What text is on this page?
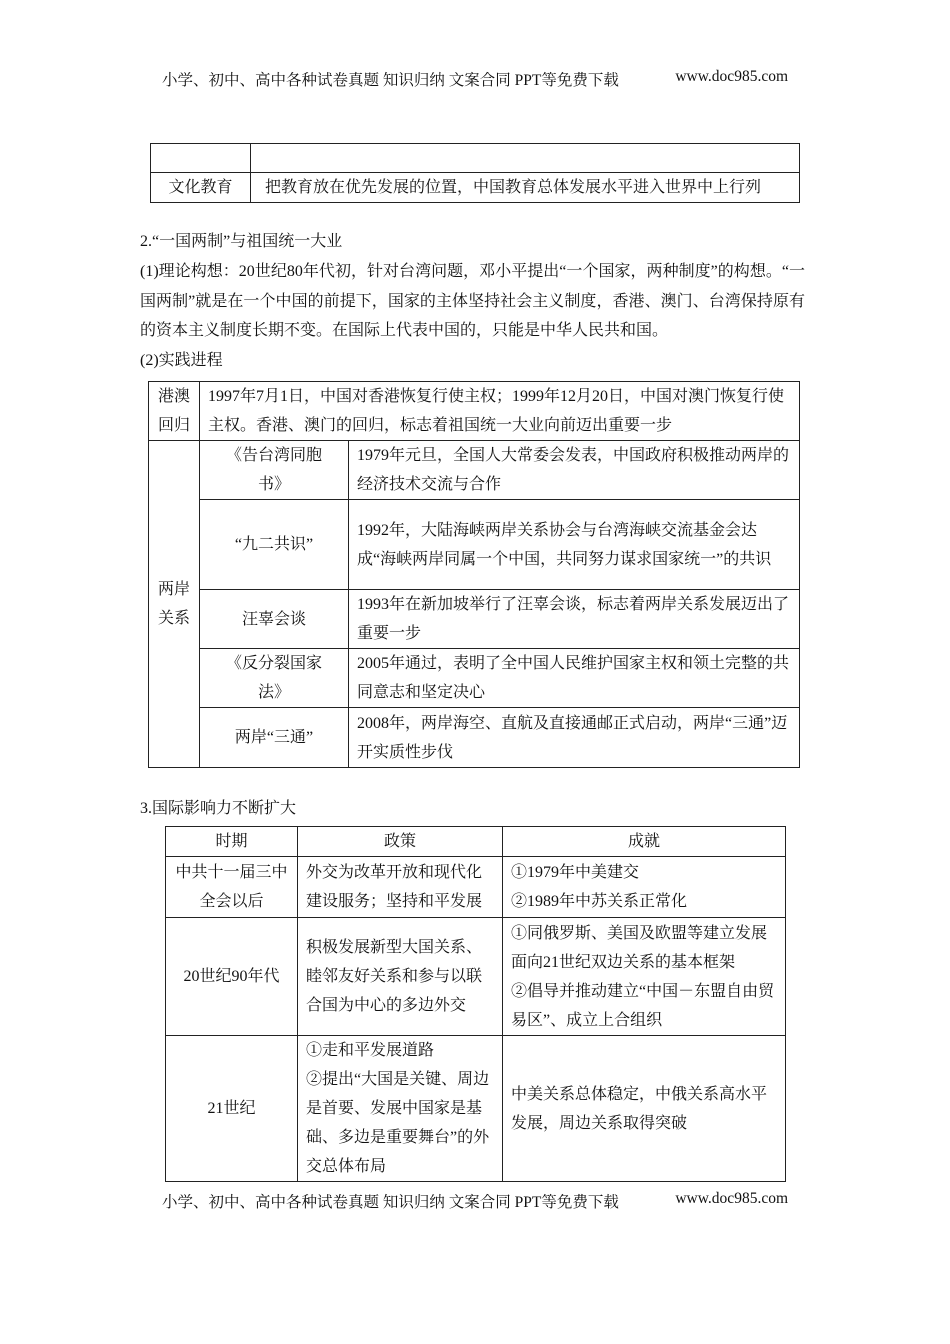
小学、初中、高中各种试卷真题 知识归纳 文案合同 PPT等免费下载	www.doc985.com

文化教育	把教育放在优先发展的位置，中国教育总体发展水平进入世界中上行列
2.“一国两制”与祖国统一大业
(1)理论构想：20世纪80年代初，针对台湾问题，邓小平提出“一个国家，两种制度”的构想。“一国两制”就是在一个中国的前提下，国家的主体坚持社会主义制度，香港、澳门、台湾保持原有的资本主义制度长期不变。在国际上代表中国的，只能是中华人民共和国。
(2)实践进程
港澳回归	1997年7月1日，中国对香港恢复行使主权；1999年12月20日，中国对澳门恢复行使主权。香港、澳门的回归，标志着祖国统一大业向前迈出重要一步	
两岸关系	《告台湾同胞书》	1979年元旦，全国人大常委会发表，中国政府积极推动两岸的经济技术交流与合作
	“九二共识”	1992年，大陆海峡两岸关系协会与台湾海峡交流基金会达成“海峡两岸同属一个中国，共同努力谋求国家统一”的共识
	汪辜会谈	1993年在新加坡举行了汪辜会谈，标志着两岸关系发展迈出了重要一步
	《反分裂国家法》	2005年通过，表明了全中国人民维护国家主权和领土完整的共同意志和坚定决心
	两岸“三通”	2008年，两岸海空、直航及直接通邮正式启动，两岸“三通”迈开实质性步伐
3.国际影响力不断扩大
时期	政策	成就
中共十一届三中全会以后	外交为改革开放和现代化建设服务；坚持和平发展	①1979年中美建交
②1989年中苏关系正常化

20世纪90年代	积极发展新型大国关系、睦邻友好关系和参与以联合国为中心的多边外交	①同俄罗斯、美国及欧盟等建立发展面向21世纪双边关系的基本框架
②倡导并推动建立“中国－东盟自由贸易区”、成立上合组织

21世纪	①走和平发展道路
②提出“大国是关键、周边是首要、发展中国家是基础、多边是重要舞台”的外交总体布局	中美关系总体稳定，中俄关系高水平发展，周边关系取得突破
小学、初中、高中各种试卷真题 知识归纳 文案合同 PPT等免费下载	www.doc985.com
